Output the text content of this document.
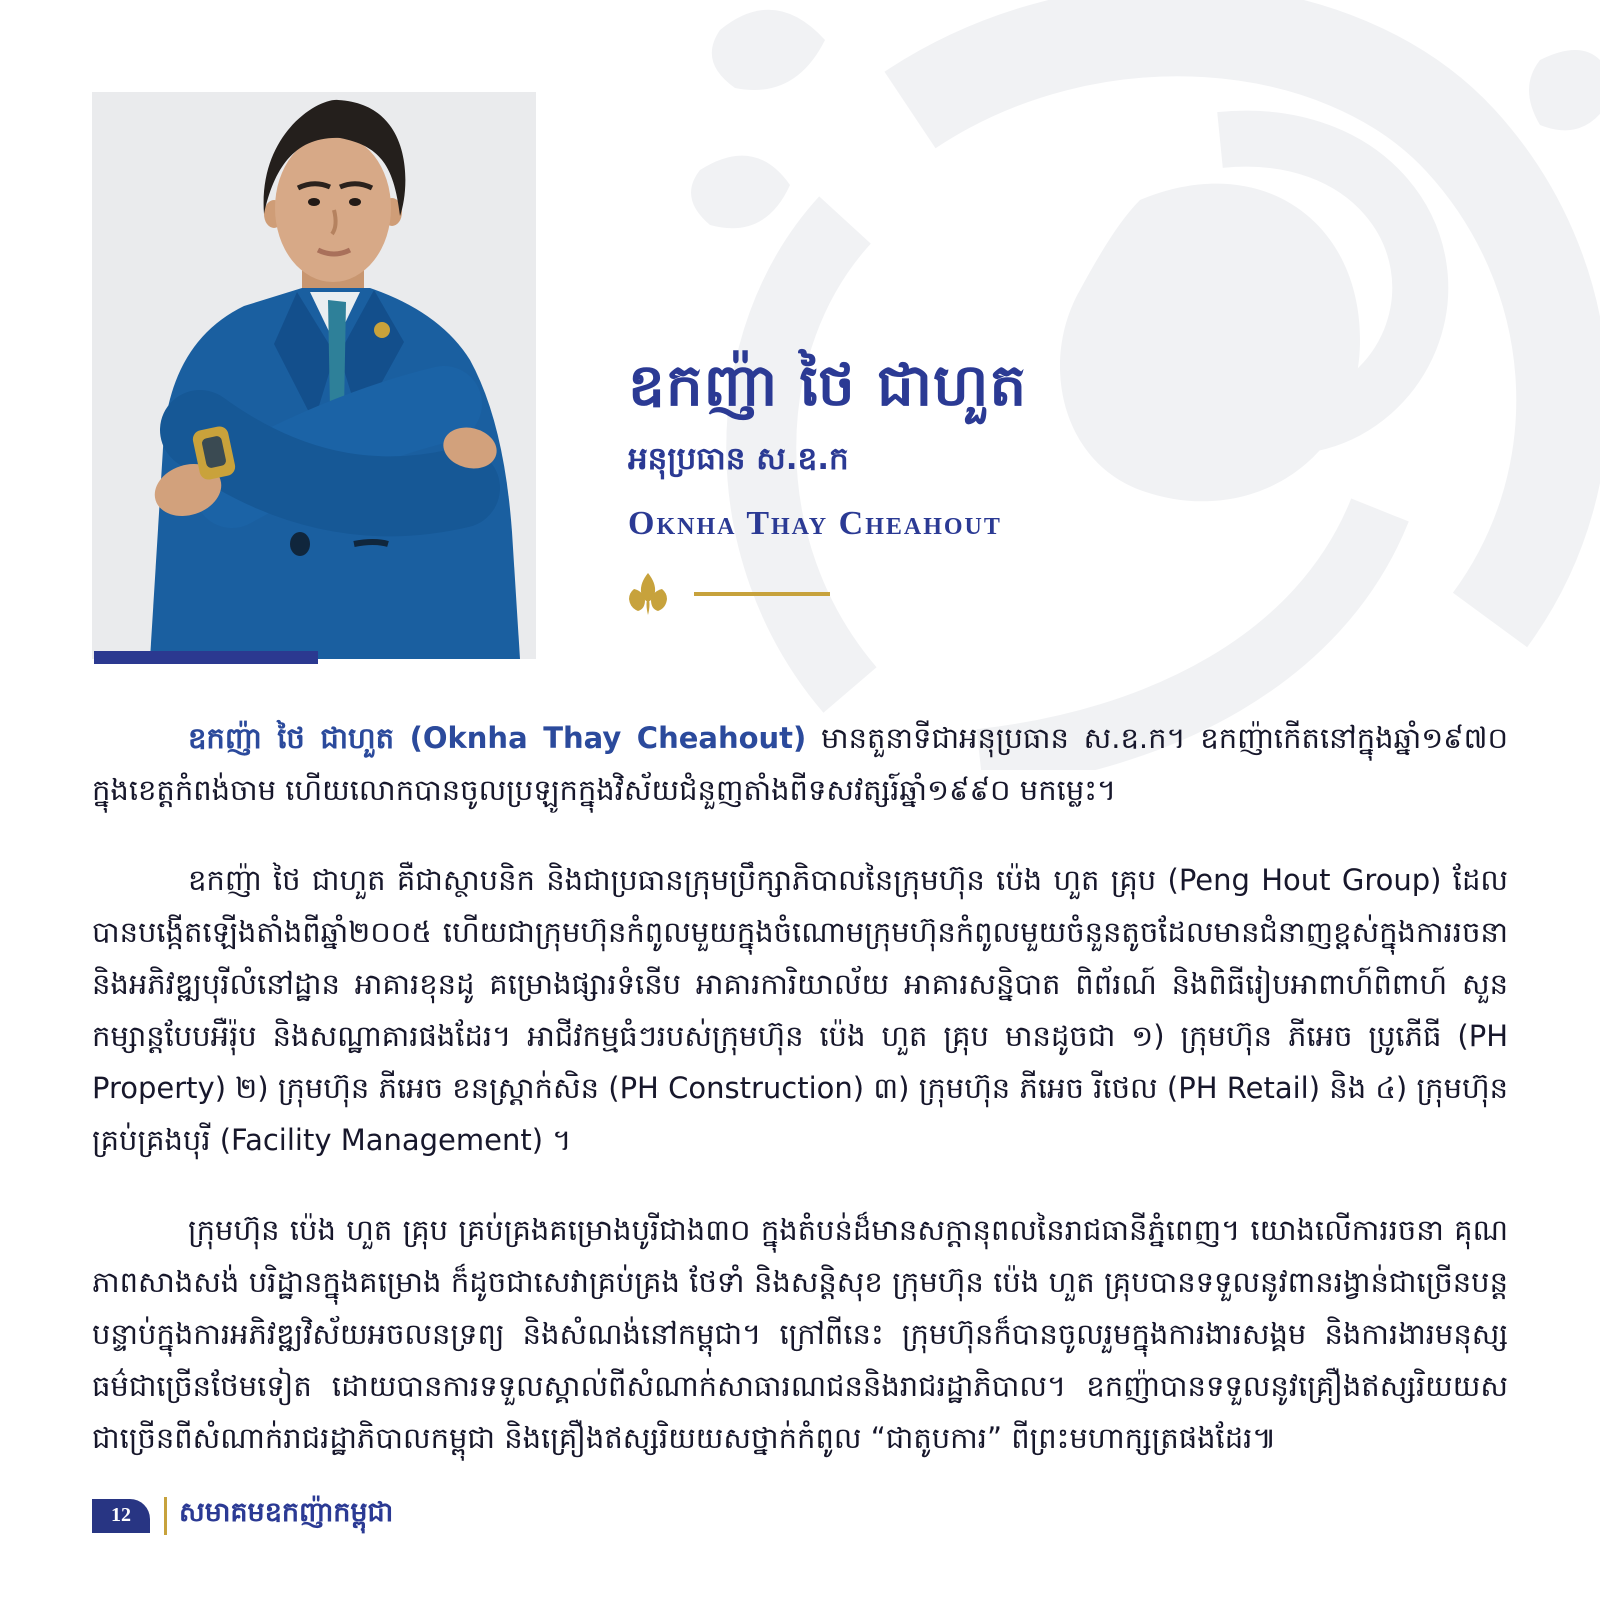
ឧកញ៉ា ថៃ ជាហួត
អនុប្រធាន ស.ឧ.ក
Oknha Thay Cheahout

ឧកញ៉ា ថៃ ជាហួត (Oknha Thay Cheahout) មានតួនាទីជាអនុប្រធាន ស.ឧ.ក។ ឧកញ៉ាកើតនៅក្នុងឆ្នាំ១៩៧០ ក្នុងខេត្តកំពង់ចាម ហើយលោកបានចូលប្រឡូកក្នុងវិស័យជំនួញតាំងពីទសវត្សរ៍ឆ្នាំ១៩៩០ មកម្លេះ។

ឧកញ៉ា ថៃ ជាហួត គឺជាស្ថាបនិក និងជាប្រធានក្រុមប្រឹក្សាភិបាលនៃក្រុមហ៊ុន ប៉េង ហួត គ្រុប (Peng Hout Group) ដែលបានបង្កើតឡើងតាំងពីឆ្នាំ២០០៥ ហើយជាក្រុមហ៊ុនកំពូលមួយក្នុងចំណោមក្រុមហ៊ុនកំពូលមួយចំនួនតូចដែលមានជំនាញខ្ពស់ក្នុងការរចនា និងអភិវឌ្ឍបុរីលំនៅដ្ឋាន អាគារខុនដូ គម្រោងផ្សារទំនើប អាគារការិយាល័យ អាគារសន្និបាត ពិព័រណ៍ និងពិធីរៀបអាពាហ៍ពិពាហ៍ សួនកម្សាន្តបែបអឺរ៉ុប និងសណ្ឋាគារផងដែរ។ អាជីវកម្មធំៗរបស់ក្រុមហ៊ុន ប៉េង ហួត គ្រុប មានដូចជា ១) ក្រុមហ៊ុន ភីអេច ប្រូភើធី (PH Property) ២) ក្រុមហ៊ុន ភីអេច ខនស្ត្រាក់សិន (PH Construction) ៣) ក្រុមហ៊ុន ភីអេច រីថេល (PH Retail) និង ៤) ក្រុមហ៊ុនគ្រប់គ្រងបុរី (Facility Management) ។

ក្រុមហ៊ុន ប៉េង ហួត គ្រុប គ្រប់គ្រងគម្រោងបូរីជាង៣០ ក្នុងតំបន់ដ៏មានសក្តានុពលនៃរាជធានីភ្នំពេញ។ យោងលើការរចនា គុណភាពសាងសង់ បរិដ្ឋានក្នុងគម្រោង ក៏ដូចជាសេវាគ្រប់គ្រង ថែទាំ និងសន្តិសុខ ក្រុមហ៊ុន ប៉េង ហួត គ្រុបបានទទួលនូវពានរង្វាន់ជាច្រើនបន្តបន្ទាប់ក្នុងការអភិវឌ្ឍវិស័យអចលនទ្រព្យ និងសំណង់នៅកម្ពុជា។ ក្រៅពីនេះ ក្រុមហ៊ុនក៏បានចូលរួមក្នុងការងារសង្គម និងការងារមនុស្សធម៌ជាច្រើនថែមទៀត ដោយបានការទទួលស្គាល់ពីសំណាក់សាធារណជននិងរាជរដ្ឋាភិបាល។ ឧកញ៉ាបានទទួលនូវគ្រឿងឥស្សរិយយសជាច្រើនពីសំណាក់រាជរដ្ឋាភិបាលកម្ពុជា និងគ្រឿងឥស្សរិយយសថ្នាក់កំពូល “ជាតូបការ” ពីព្រះមហាក្សត្រផងដែរ៕

12	សមាគមឧកញ៉ាកម្ពុជា
